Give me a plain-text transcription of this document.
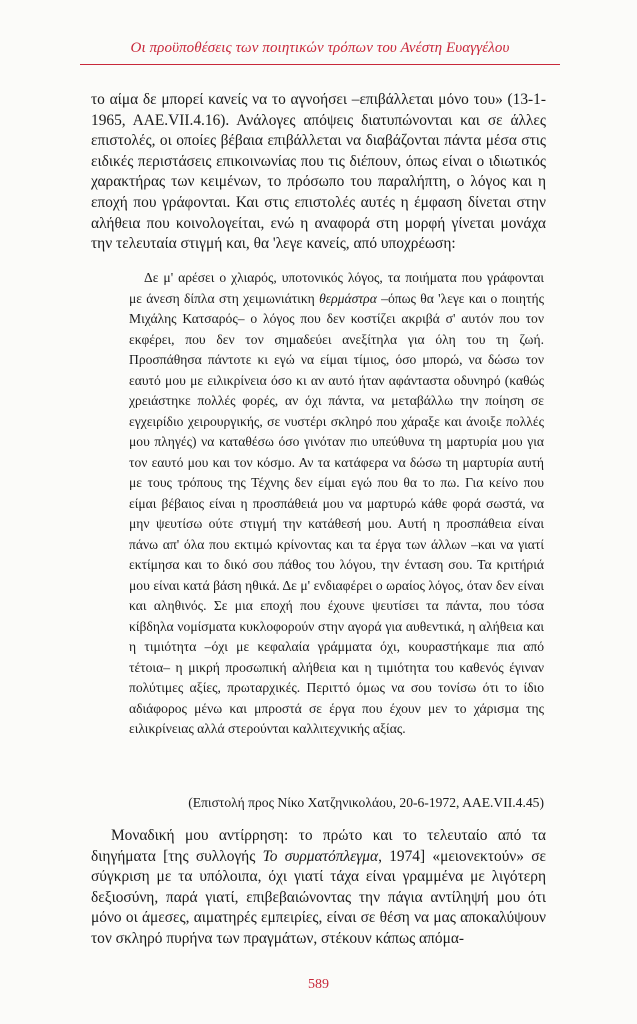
Οι προϋποθέσεις των ποιητικών τρόπων του Ανέστη Ευαγγέλου

το αίμα δε μπορεί κανείς να το αγνοήσει –επιβάλλεται μόνο του» (13-1-1965, ΑΑΕ.VII.4.16). Ανάλογες απόψεις διατυπώνονται και σε άλλες επιστολές, οι οποίες βέβαια επιβάλλεται να διαβάζονται πάντα μέσα στις ειδικές περιστάσεις επικοινωνίας που τις διέπουν, όπως είναι ο ιδιωτικός χαρακτήρας των κειμένων, το πρόσωπο του παραλήπτη, ο λόγος και η εποχή που γράφονται. Και στις επιστολές αυτές η έμφαση δίνεται στην αλήθεια που κοινολογείται, ενώ η αναφορά στη μορφή γίνεται μονάχα την τελευταία στιγμή και, θα 'λεγε κανείς, από υποχρέωση:

Δε μ' αρέσει ο χλιαρός, υποτονικός λόγος, τα ποιήματα που γράφονται με άνεση δίπλα στη χειμωνιάτικη θερμάστρα –όπως θα 'λεγε και ο ποιητής Μιχάλης Κατσαρός– ο λόγος που δεν κοστίζει ακριβά σ' αυτόν που τον εκφέρει, που δεν τον σημαδεύει ανεξίτηλα για όλη του τη ζωή. Προσπάθησα πάντοτε κι εγώ να είμαι τίμιος, όσο μπορώ, να δώσω τον εαυτό μου με ειλικρίνεια όσο κι αν αυτό ήταν αφάνταστα οδυνηρό (καθώς χρειάστηκε πολλές φορές, αν όχι πάντα, να μεταβάλλω την ποίηση σε εγχειρίδιο χειρουργικής, σε νυστέρι σκληρό που χάραξε και άνοιξε πολλές μου πληγές) να καταθέσω όσο γινόταν πιο υπεύθυνα τη μαρτυρία μου για τον εαυτό μου και τον κόσμο. Αν τα κατάφερα να δώσω τη μαρτυρία αυτή με τους τρόπους της Τέχνης δεν είμαι εγώ που θα το πω. Για κείνο που είμαι βέβαιος είναι η προσπάθειά μου να μαρτυρώ κάθε φορά σωστά, να μην ψευτίσω ούτε στιγμή την κατάθεσή μου. Αυτή η προσπάθεια είναι πάνω απ' όλα που εκτιμώ κρίνοντας και τα έργα των άλλων –και να γιατί εκτίμησα και το δικό σου πάθος του λόγου, την ένταση σου. Τα κριτήριά μου είναι κατά βάση ηθικά. Δε μ' ενδιαφέρει ο ωραίος λόγος, όταν δεν είναι και αληθινός. Σε μια εποχή που έχουνε ψευτίσει τα πάντα, που τόσα κίβδηλα νομίσματα κυκλοφορούν στην αγορά για αυθεντικά, η αλήθεια και η τιμιότητα –όχι με κεφαλαία γράμματα όχι, κουραστήκαμε πια από τέτοια– η μικρή προσωπική αλήθεια και η τιμιότητα του καθενός έγιναν πολύτιμες αξίες, πρωταρχικές. Περιττό όμως να σου τονίσω ότι το ίδιο αδιάφορος μένω και μπροστά σε έργα που έχουν μεν το χάρισμα της ειλικρίνειας αλλά στερούνται καλλιτεχνικής αξίας.

(Επιστολή προς Νίκο Χατζηνικολάου, 20-6-1972, ΑΑΕ.VII.4.45)

Μοναδική μου αντίρρηση: το πρώτο και το τελευταίο από τα διηγήματα [της συλλογής Το συρματόπλεγμα, 1974] «μειονεκτούν» σε σύγκριση με τα υπόλοιπα, όχι γιατί τάχα είναι γραμμένα με λιγότερη δεξιοσύνη, παρά γιατί, επιβεβαιώνοντας την πάγια αντίληψή μου ότι μόνο οι άμεσες, αιματηρές εμπειρίες, είναι σε θέση να μας αποκαλύψουν τον σκληρό πυρήνα των πραγμάτων, στέκουν κάπως απόμα-

589
